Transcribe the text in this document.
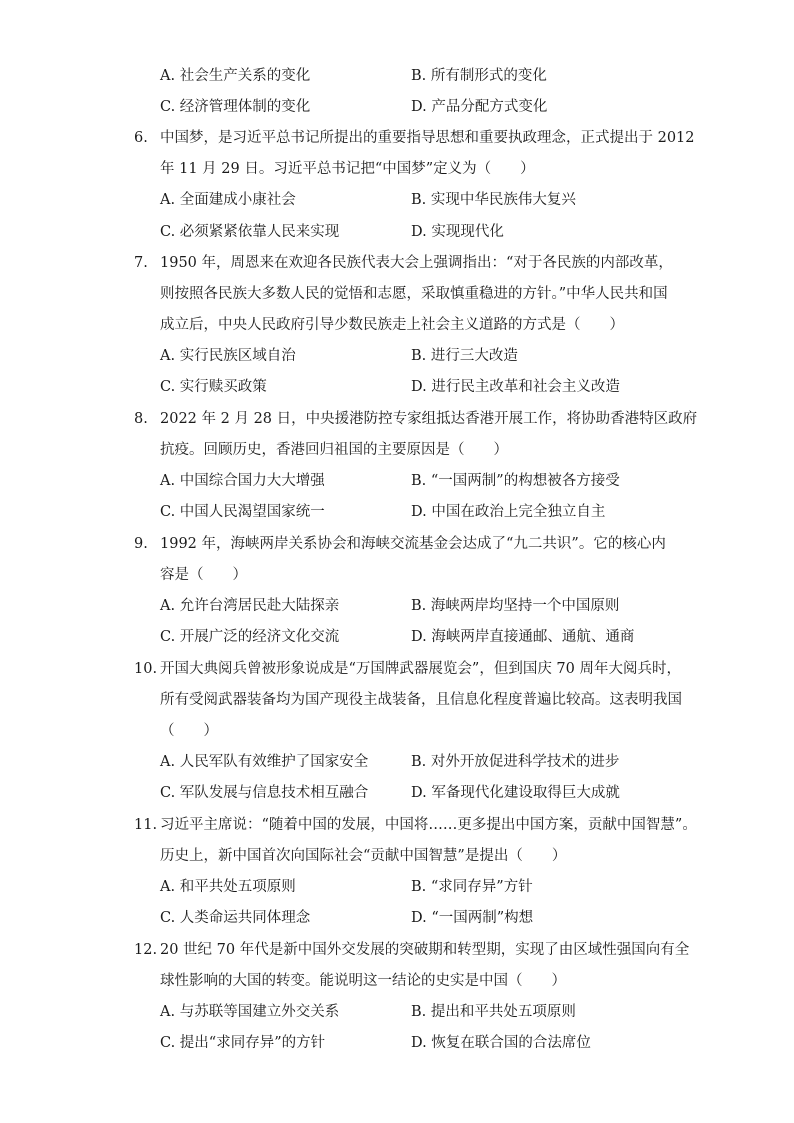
A. 社会生产关系的变化	B. 所有制形式的变化
C. 经济管理体制的变化	D. 产品分配方式变化
6. 中国梦，是习近平总书记所提出的重要指导思想和重要执政理念，正式提出于 2012
年 11 月 29 日。习近平总书记把“中国梦”定义为（　　）
A. 全面建成小康社会	B. 实现中华民族伟大复兴
C. 必须紧紧依靠人民来实现	D. 实现现代化
7. 1950 年，周恩来在欢迎各民族代表大会上强调指出：“对于各民族的内部改革，
则按照各民族大多数人民的觉悟和志愿，采取慎重稳进的方针。”中华人民共和国
成立后，中央人民政府引导少数民族走上社会主义道路的方式是（　　）
A. 实行民族区域自治	B. 进行三大改造
C. 实行赎买政策	D. 进行民主改革和社会主义改造
8. 2022 年 2 月 28 日，中央援港防控专家组抵达香港开展工作，将协助香港特区政府
抗疫。回顾历史，香港回归祖国的主要原因是（　　）
A. 中国综合国力大大增强	B. “一国两制”的构想被各方接受
C. 中国人民渴望国家统一	D. 中国在政治上完全独立自主
9. 1992 年，海峡两岸关系协会和海峡交流基金会达成了“九二共识”。它的核心内
容是（　　）
A. 允许台湾居民赴大陆探亲	B. 海峡两岸均坚持一个中国原则
C. 开展广泛的经济文化交流	D. 海峡两岸直接通邮、通航、通商
10. 开国大典阅兵曾被形象说成是“万国牌武器展览会”，但到国庆 70 周年大阅兵时，
所有受阅武器装备均为国产现役主战装备，且信息化程度普遍比较高。这表明我国
（　　）
A. 人民军队有效维护了国家安全	B. 对外开放促进科学技术的进步
C. 军队发展与信息技术相互融合	D. 军备现代化建设取得巨大成就
11. 习近平主席说：“随着中国的发展，中国将……更多提出中国方案，贡献中国智慧”。
历史上，新中国首次向国际社会“贡献中国智慧”是提出（　　）
A. 和平共处五项原则	B. “求同存异”方针
C. 人类命运共同体理念	D. “一国两制”构想
12. 20 世纪 70 年代是新中国外交发展的突破期和转型期，实现了由区域性强国向有全
球性影响的大国的转变。能说明这一结论的史实是中国（　　）
A. 与苏联等国建立外交关系	B. 提出和平共处五项原则
C. 提出“求同存异”的方针	D. 恢复在联合国的合法席位
